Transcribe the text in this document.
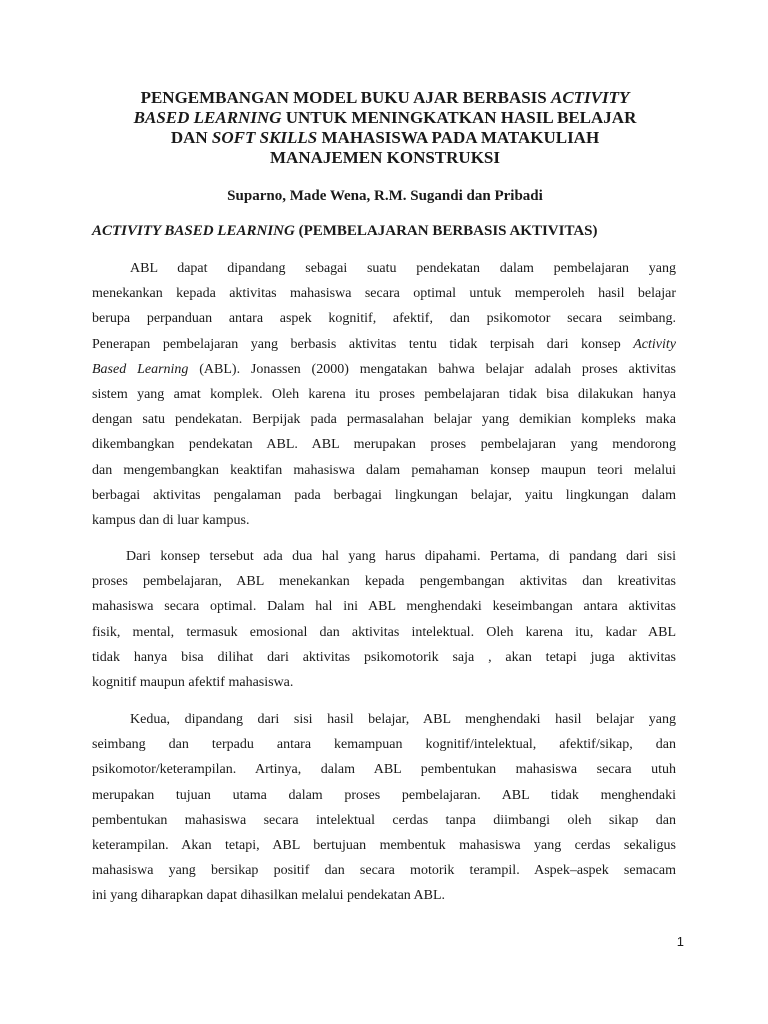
PENGEMBANGAN MODEL BUKU AJAR BERBASIS ACTIVITY
BASED LEARNING UNTUK MENINGKATKAN HASIL BELAJAR
DAN SOFT SKILLS MAHASISWA PADA MATAKULIAH
MANAJEMEN KONSTRUKSI

Suparno, Made Wena, R.M. Sugandi dan Pribadi

ACTIVITY BASED LEARNING (PEMBELAJARAN BERBASIS AKTIVITAS)

ABL dapat dipandang sebagai suatu pendekatan dalam pembelajaran yang
menekankan kepada aktivitas mahasiswa secara optimal untuk memperoleh hasil belajar
berupa perpanduan antara aspek kognitif, afektif, dan psikomotor secara seimbang.
Penerapan pembelajaran yang berbasis aktivitas tentu tidak terpisah dari konsep Activity
Based Learning (ABL). Jonassen (2000) mengatakan bahwa belajar adalah proses aktivitas
sistem yang amat komplek. Oleh karena itu proses pembelajaran tidak bisa dilakukan hanya
dengan satu pendekatan. Berpijak pada permasalahan belajar yang demikian kompleks maka
dikembangkan pendekatan ABL. ABL merupakan proses pembelajaran yang mendorong
dan mengembangkan keaktifan mahasiswa dalam pemahaman konsep maupun teori melalui
berbagai aktivitas pengalaman pada berbagai lingkungan belajar, yaitu lingkungan dalam
kampus dan di luar kampus.

Dari konsep tersebut ada dua hal yang harus dipahami. Pertama, di pandang dari sisi
proses pembelajaran, ABL menekankan kepada pengembangan aktivitas dan kreativitas
mahasiswa secara optimal. Dalam hal ini ABL menghendaki keseimbangan antara aktivitas
fisik, mental, termasuk emosional dan aktivitas intelektual. Oleh karena itu, kadar ABL
tidak hanya bisa dilihat dari aktivitas psikomotorik saja , akan tetapi juga aktivitas
kognitif maupun afektif mahasiswa.

Kedua, dipandang dari sisi hasil belajar, ABL menghendaki hasil belajar yang
seimbang dan terpadu antara kemampuan kognitif/intelektual, afektif/sikap, dan
psikomotor/keterampilan. Artinya, dalam ABL pembentukan mahasiswa secara utuh
merupakan tujuan utama dalam proses pembelajaran. ABL tidak menghendaki
pembentukan mahasiswa secara intelektual cerdas tanpa diimbangi oleh sikap dan
keterampilan. Akan tetapi, ABL bertujuan membentuk mahasiswa yang cerdas sekaligus
mahasiswa yang bersikap positif dan secara motorik terampil. Aspek–aspek semacam
ini yang diharapkan dapat dihasilkan melalui pendekatan ABL.

1
